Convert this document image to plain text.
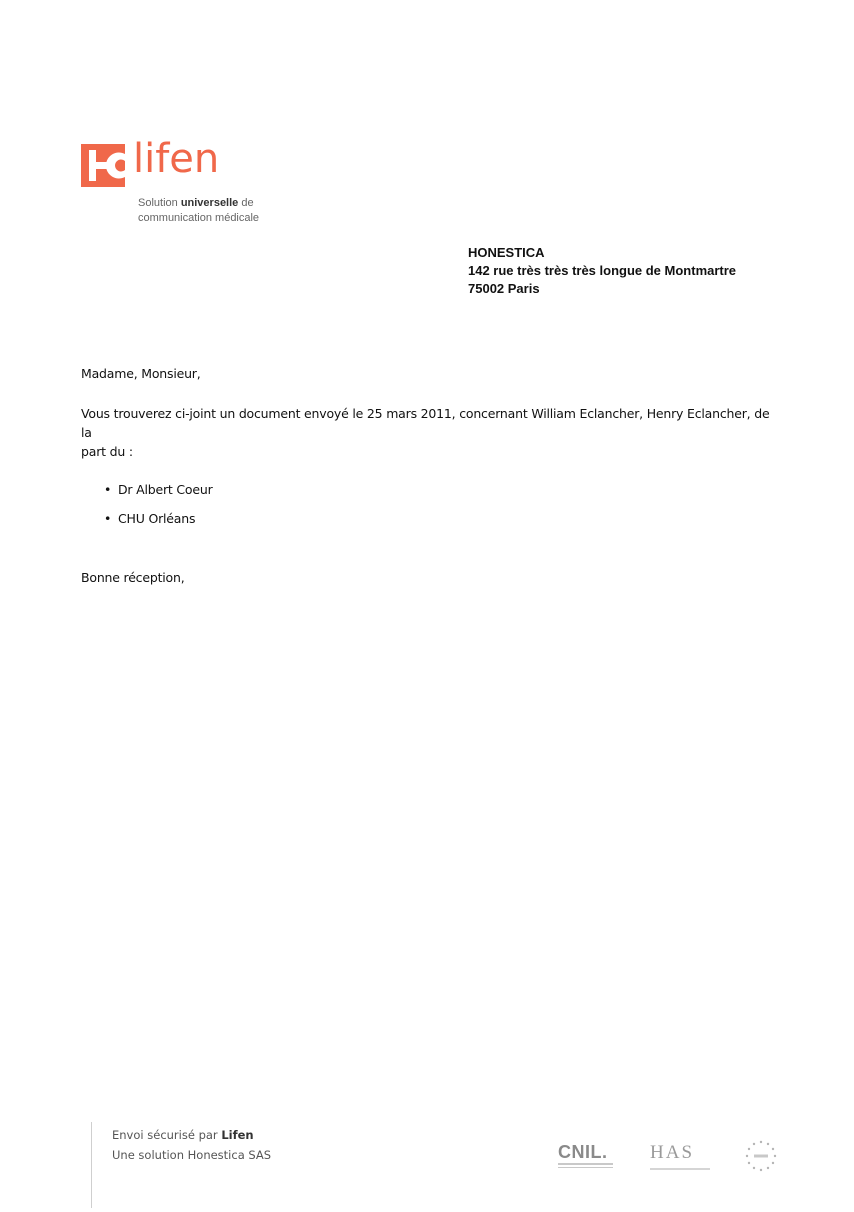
lifen
Solution universelle de
communication médicale
HONESTICA
142 rue très très très longue de Montmartre
75002 Paris
Madame, Monsieur,
Vous trouverez ci-joint un document envoyé le 25 mars 2011, concernant William Eclancher, Henry Eclancher, de la
part du :
• Dr Albert Coeur
• CHU Orléans
Bonne réception,
Envoi sécurisé par Lifen
Une solution Honestica SAS	CNIL. HAS
